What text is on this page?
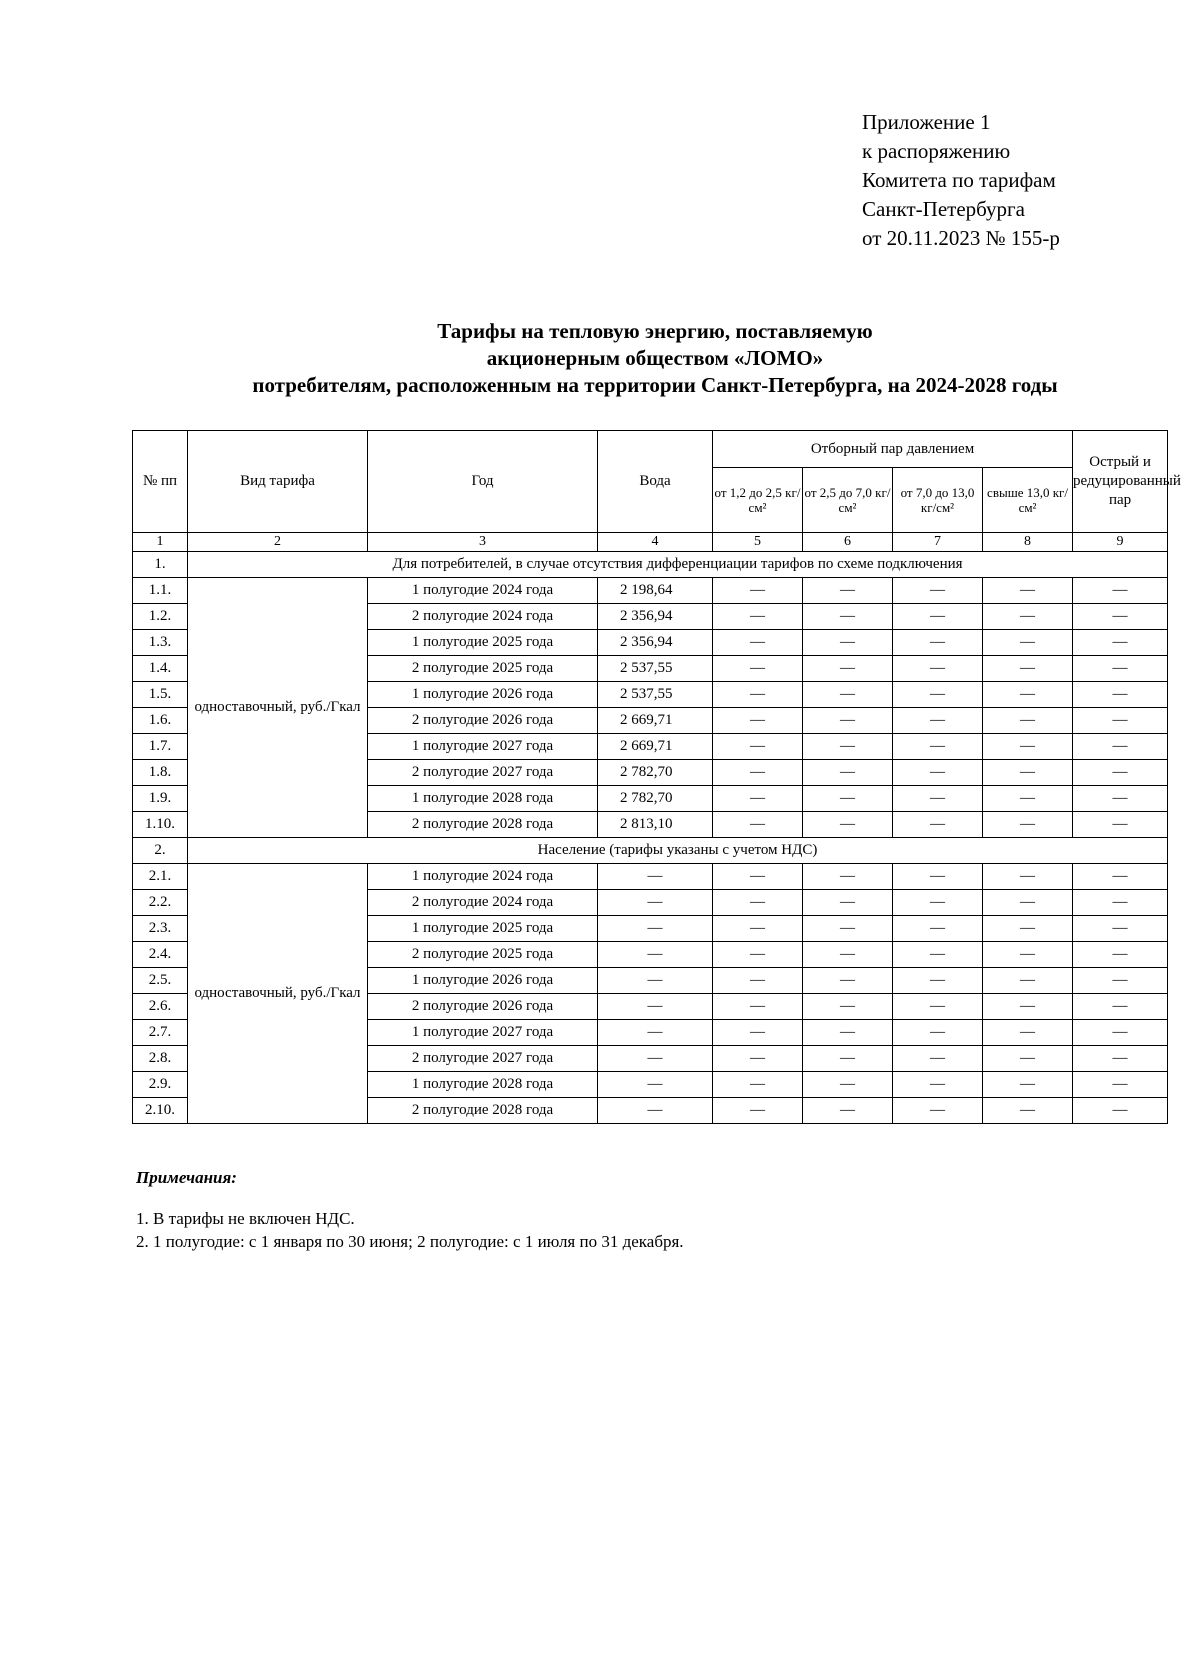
Приложение 1
к распоряжению
Комитета по тарифам
Санкт-Петербурга
от 20.11.2023 № 155-р
Тарифы на тепловую энергию, поставляемую
акционерным обществом «ЛОМО»
потребителям, расположенным на территории Санкт-Петербурга, на 2024-2028 годы
№ пп	Вид тарифа	Год	Вода	Отборный пар давлением				Острый и редуцированный пар
				от 1,2 до 2,5 кг/см²	от 2,5 до 7,0 кг/см²	от 7,0 до 13,0 кг/см²	свыше 13,0 кг/см²	
1	2	3	4	5	6	7	8	9
1.	Для потребителей, в случае отсутствия дифференциации тарифов по схеме подключения							
1.1.	одноставочный, руб./Гкал	1 полугодие 2024 года	2 198,64	—	—	—	—	—
1.2.		2 полугодие 2024 года	2 356,94	—	—	—	—	—
1.3.		1 полугодие 2025 года	2 356,94	—	—	—	—	—
1.4.		2 полугодие 2025 года	2 537,55	—	—	—	—	—
1.5.		1 полугодие 2026 года	2 537,55	—	—	—	—	—
1.6.		2 полугодие 2026 года	2 669,71	—	—	—	—	—
1.7.		1 полугодие 2027 года	2 669,71	—	—	—	—	—
1.8.		2 полугодие 2027 года	2 782,70	—	—	—	—	—
1.9.		1 полугодие 2028 года	2 782,70	—	—	—	—	—
1.10.		2 полугодие 2028 года	2 813,10	—	—	—	—	—
2.	Население (тарифы указаны с учетом НДС)							
2.1.	одноставочный, руб./Гкал	1 полугодие 2024 года	—	—	—	—	—	—
2.2.		2 полугодие 2024 года	—	—	—	—	—	—
2.3.		1 полугодие 2025 года	—	—	—	—	—	—
2.4.		2 полугодие 2025 года	—	—	—	—	—	—
2.5.		1 полугодие 2026 года	—	—	—	—	—	—
2.6.		2 полугодие 2026 года	—	—	—	—	—	—
2.7.		1 полугодие 2027 года	—	—	—	—	—	—
2.8.		2 полугодие 2027 года	—	—	—	—	—	—
2.9.		1 полугодие 2028 года	—	—	—	—	—	—
2.10.		2 полугодие 2028 года	—	—	—	—	—	—
Примечания:
1. В тарифы не включен НДС.
2. 1 полугодие: с 1 января по 30 июня; 2 полугодие: с 1 июля по 31 декабря.
